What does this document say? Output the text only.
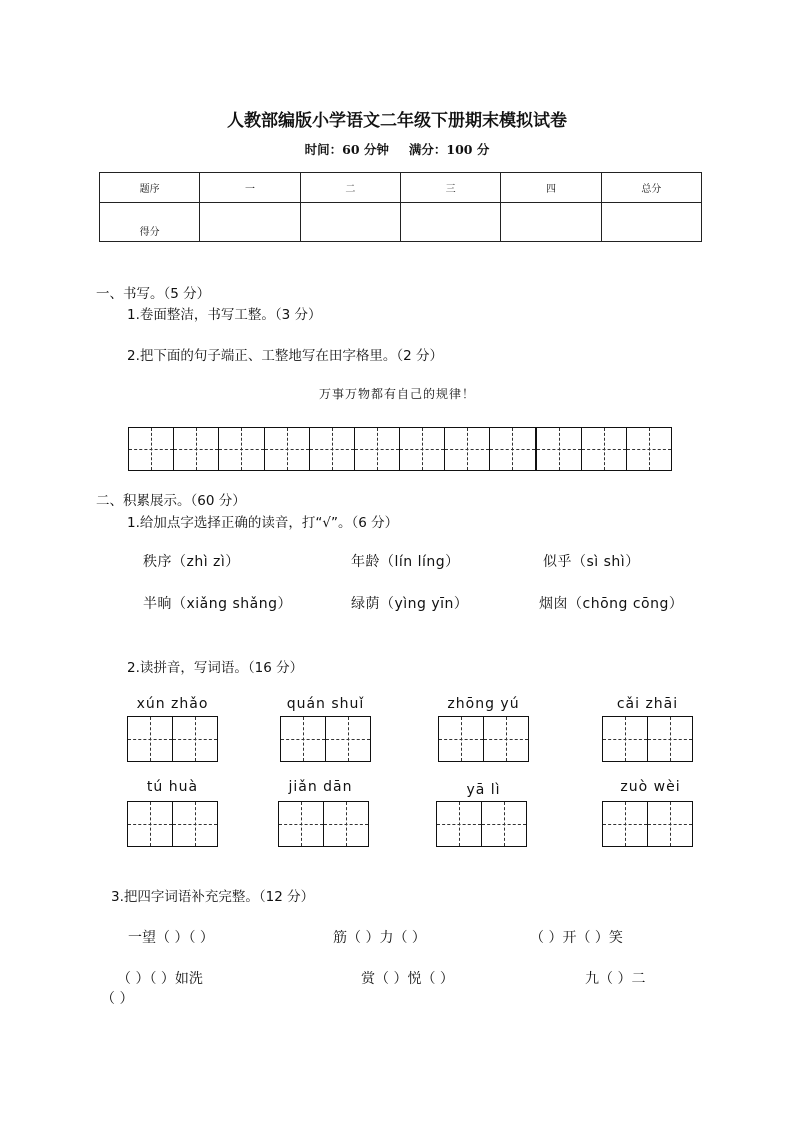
人教部编版小学语文二年级下册期末模拟试卷
时间：60 分钟 满分：100 分
题序	一	二	三	四	总分
得分					
一、书写。（5 分）
1.卷面整洁，书写工整。（3 分）
2.把下面的句子端正、工整地写在田字格里。（2 分）
万事万物都有自己的规律！
二、积累展示。（60 分）
1.给加点字选择正确的读音，打“√”。（6 分）
秩序（zhì zì）	年龄（lín líng）	似乎（sì shì）
半晌（xiǎng shǎng）	绿荫（yìng yīn）	烟囱（chōng cōng）
2.读拼音，写词语。（16 分）
xún zhǎo	quán shuǐ	zhōng yú	cǎi zhāi
tú huà	jiǎn dān	yā lì	zuò wèi
3.把四字词语补充完整。（12 分）
一望（ ）（ ）	筋（ ）力（ ）	（ ）开（ ）笑
（ ）（ ）如洗	赏（ ）悦（ ）	九（ ）二
（ ）
